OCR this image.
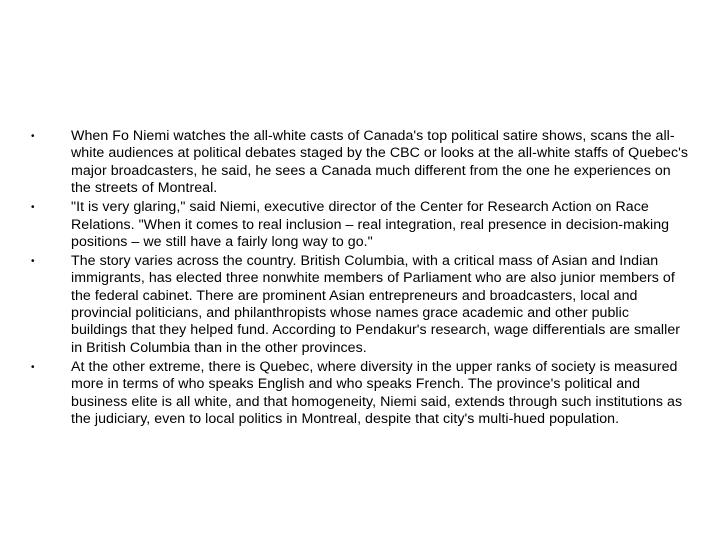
•	When Fo Niemi watches the all-white casts of Canada's top political satire shows, scans the all-white audiences at political debates staged by the CBC or looks at the all-white staffs of Quebec's major broadcasters, he said, he sees a Canada much different from the one he experiences on the streets of Montreal.
•	"It is very glaring," said Niemi, executive director of the Center for Research Action on Race Relations. "When it comes to real inclusion – real integration, real presence in decision-making positions – we still have a fairly long way to go."
•	The story varies across the country. British Columbia, with a critical mass of Asian and Indian immigrants, has elected three nonwhite members of Parliament who are also junior members of the federal cabinet. There are prominent Asian entrepreneurs and broadcasters, local and provincial politicians, and philanthropists whose names grace academic and other public buildings that they helped fund. According to Pendakur's research, wage differentials are smaller in British Columbia than in the other provinces.
•	At the other extreme, there is Quebec, where diversity in the upper ranks of society is measured more in terms of who speaks English and who speaks French. The province's political and business elite is all white, and that homogeneity, Niemi said, extends through such institutions as the judiciary, even to local politics in Montreal, despite that city's multi-hued population.
